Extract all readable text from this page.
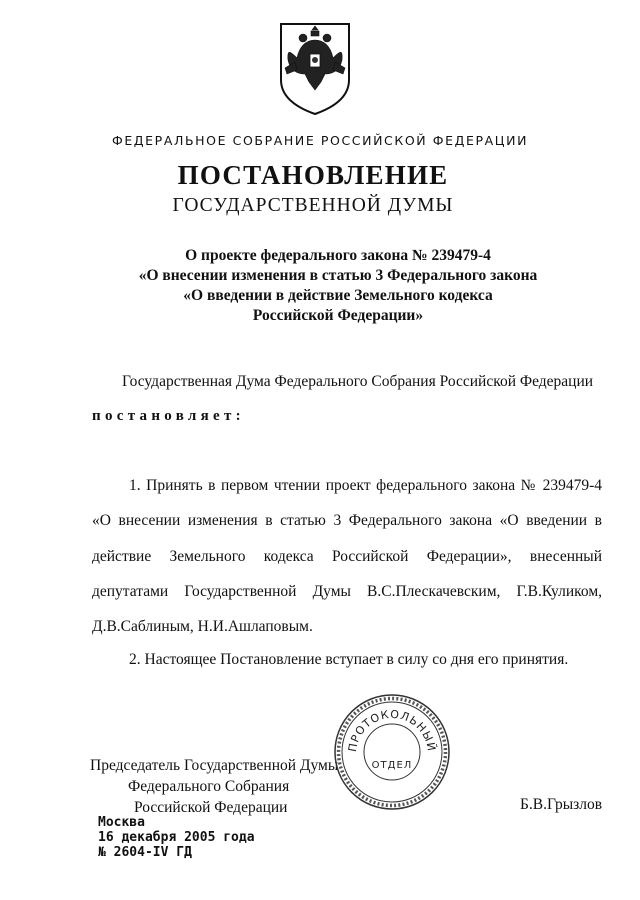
ФЕДЕРАЛЬНОЕ СОБРАНИЕ РОССИЙСКОЙ ФЕДЕРАЦИИ
ПОСТАНОВЛЕНИЕ
ГОСУДАРСТВЕННОЙ ДУМЫ
О проекте федерального закона № 239479-4
«О внесении изменения в статью 3 Федерального закона
«О введении в действие Земельного кодекса
Российской Федерации»
Государственная Дума Федерального Собрания Российской Федерации
постановляет:
1. Принять в первом чтении проект федерального закона № 239479-4
«О внесении изменения в статью 3 Федерального закона «О введении в
действие Земельного кодекса Российской Федерации», внесенный
депутатами Государственной Думы В.С.Плескачевским, Г.В.Куликом,
Д.В.Саблиным, Н.И.Ашлаповым.
2. Настоящее Постановление вступает в силу со дня его принятия.
Председатель Государственной Думы
Федерального Собрания
Российской Федерации	Б.В.Грызлов
ПРОТОКОЛЬНЫЙ
ОТДЕЛ
Москва
16 декабря 2005 года
№ 2604-IV ГД
